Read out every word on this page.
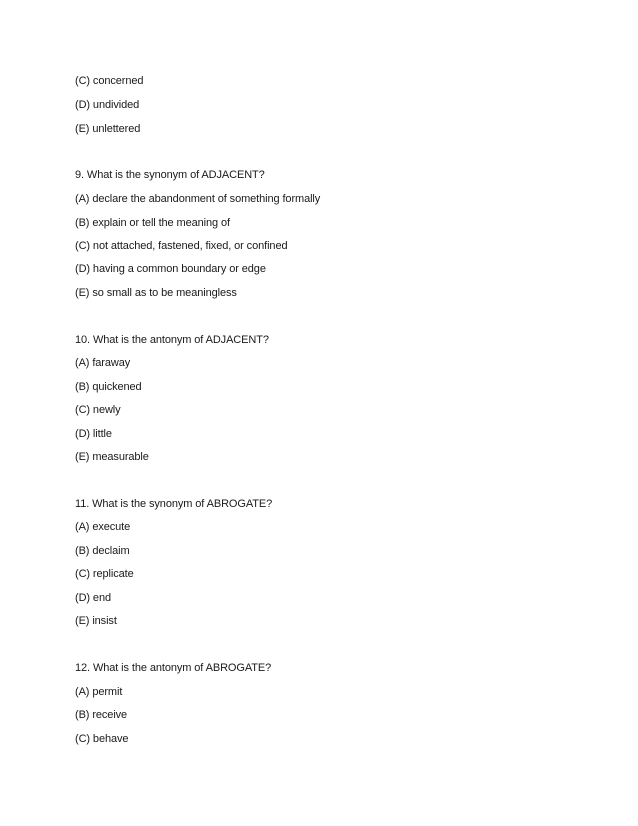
(C) concerned
(D) undivided
(E) unlettered
9. What is the synonym of ADJACENT?
(A) declare the abandonment of something formally
(B) explain or tell the meaning of
(C) not attached, fastened, fixed, or confined
(D) having a common boundary or edge
(E) so small as to be meaningless
10. What is the antonym of ADJACENT?
(A) faraway
(B) quickened
(C) newly
(D) little
(E) measurable
11. What is the synonym of ABROGATE?
(A) execute
(B) declaim
(C) replicate
(D) end
(E) insist
12. What is the antonym of ABROGATE?
(A) permit
(B) receive
(C) behave
